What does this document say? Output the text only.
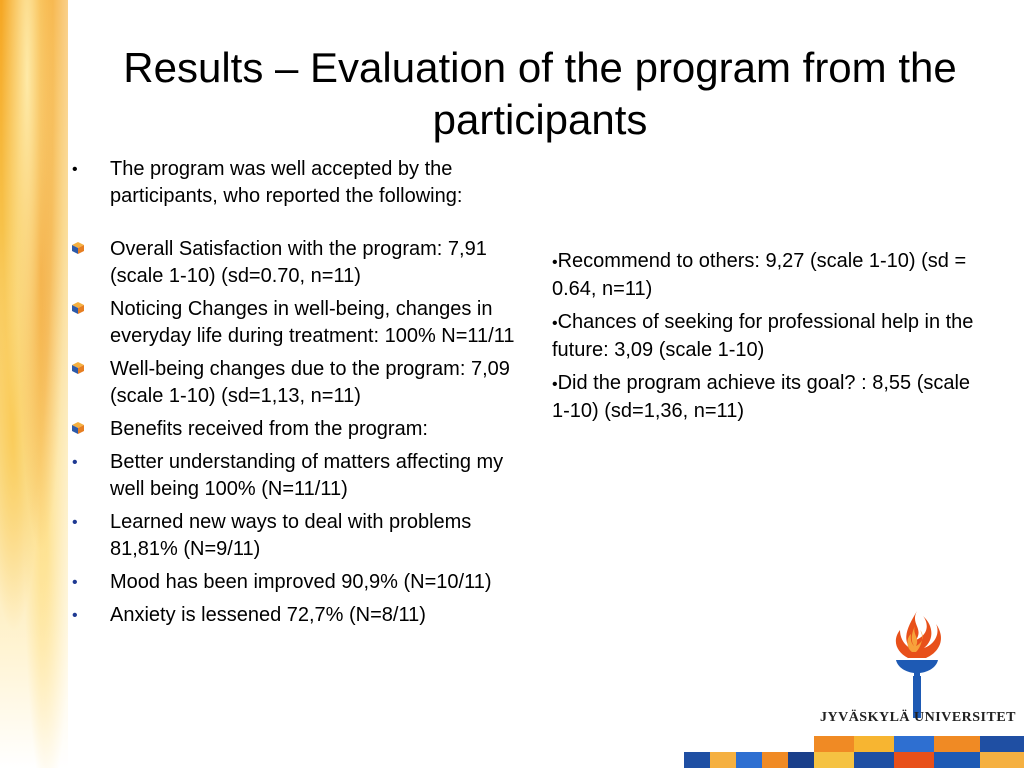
Results – Evaluation of the program from the participants
•
The program was well accepted by the participants, who reported the following:
Overall Satisfaction with the program: 7,91 (scale 1-10) (sd=0.70, n=11)
Noticing Changes in well-being, changes in everyday life during treatment: 100% N=11/11
Well-being changes due to the program: 7,09 (scale 1-10) (sd=1,13, n=11)
Benefits received from the program:
•
Better understanding of matters affecting my well being 100% (N=11/11)
•
Learned new ways to deal with problems 81,81% (N=9/11)
•
Mood has been improved 90,9% (N=10/11)
•
Anxiety is lessened 72,7% (N=8/11)
•Recommend to others: 9,27 (scale 1-10) (sd = 0.64, n=11)
•Chances of seeking for professional help in the future: 3,09 (scale 1-10)
•Did the program achieve its goal? : 8,55 (scale 1-10) (sd=1,36, n=11)
JYVÄSKYLÄ UNIVERSITET
